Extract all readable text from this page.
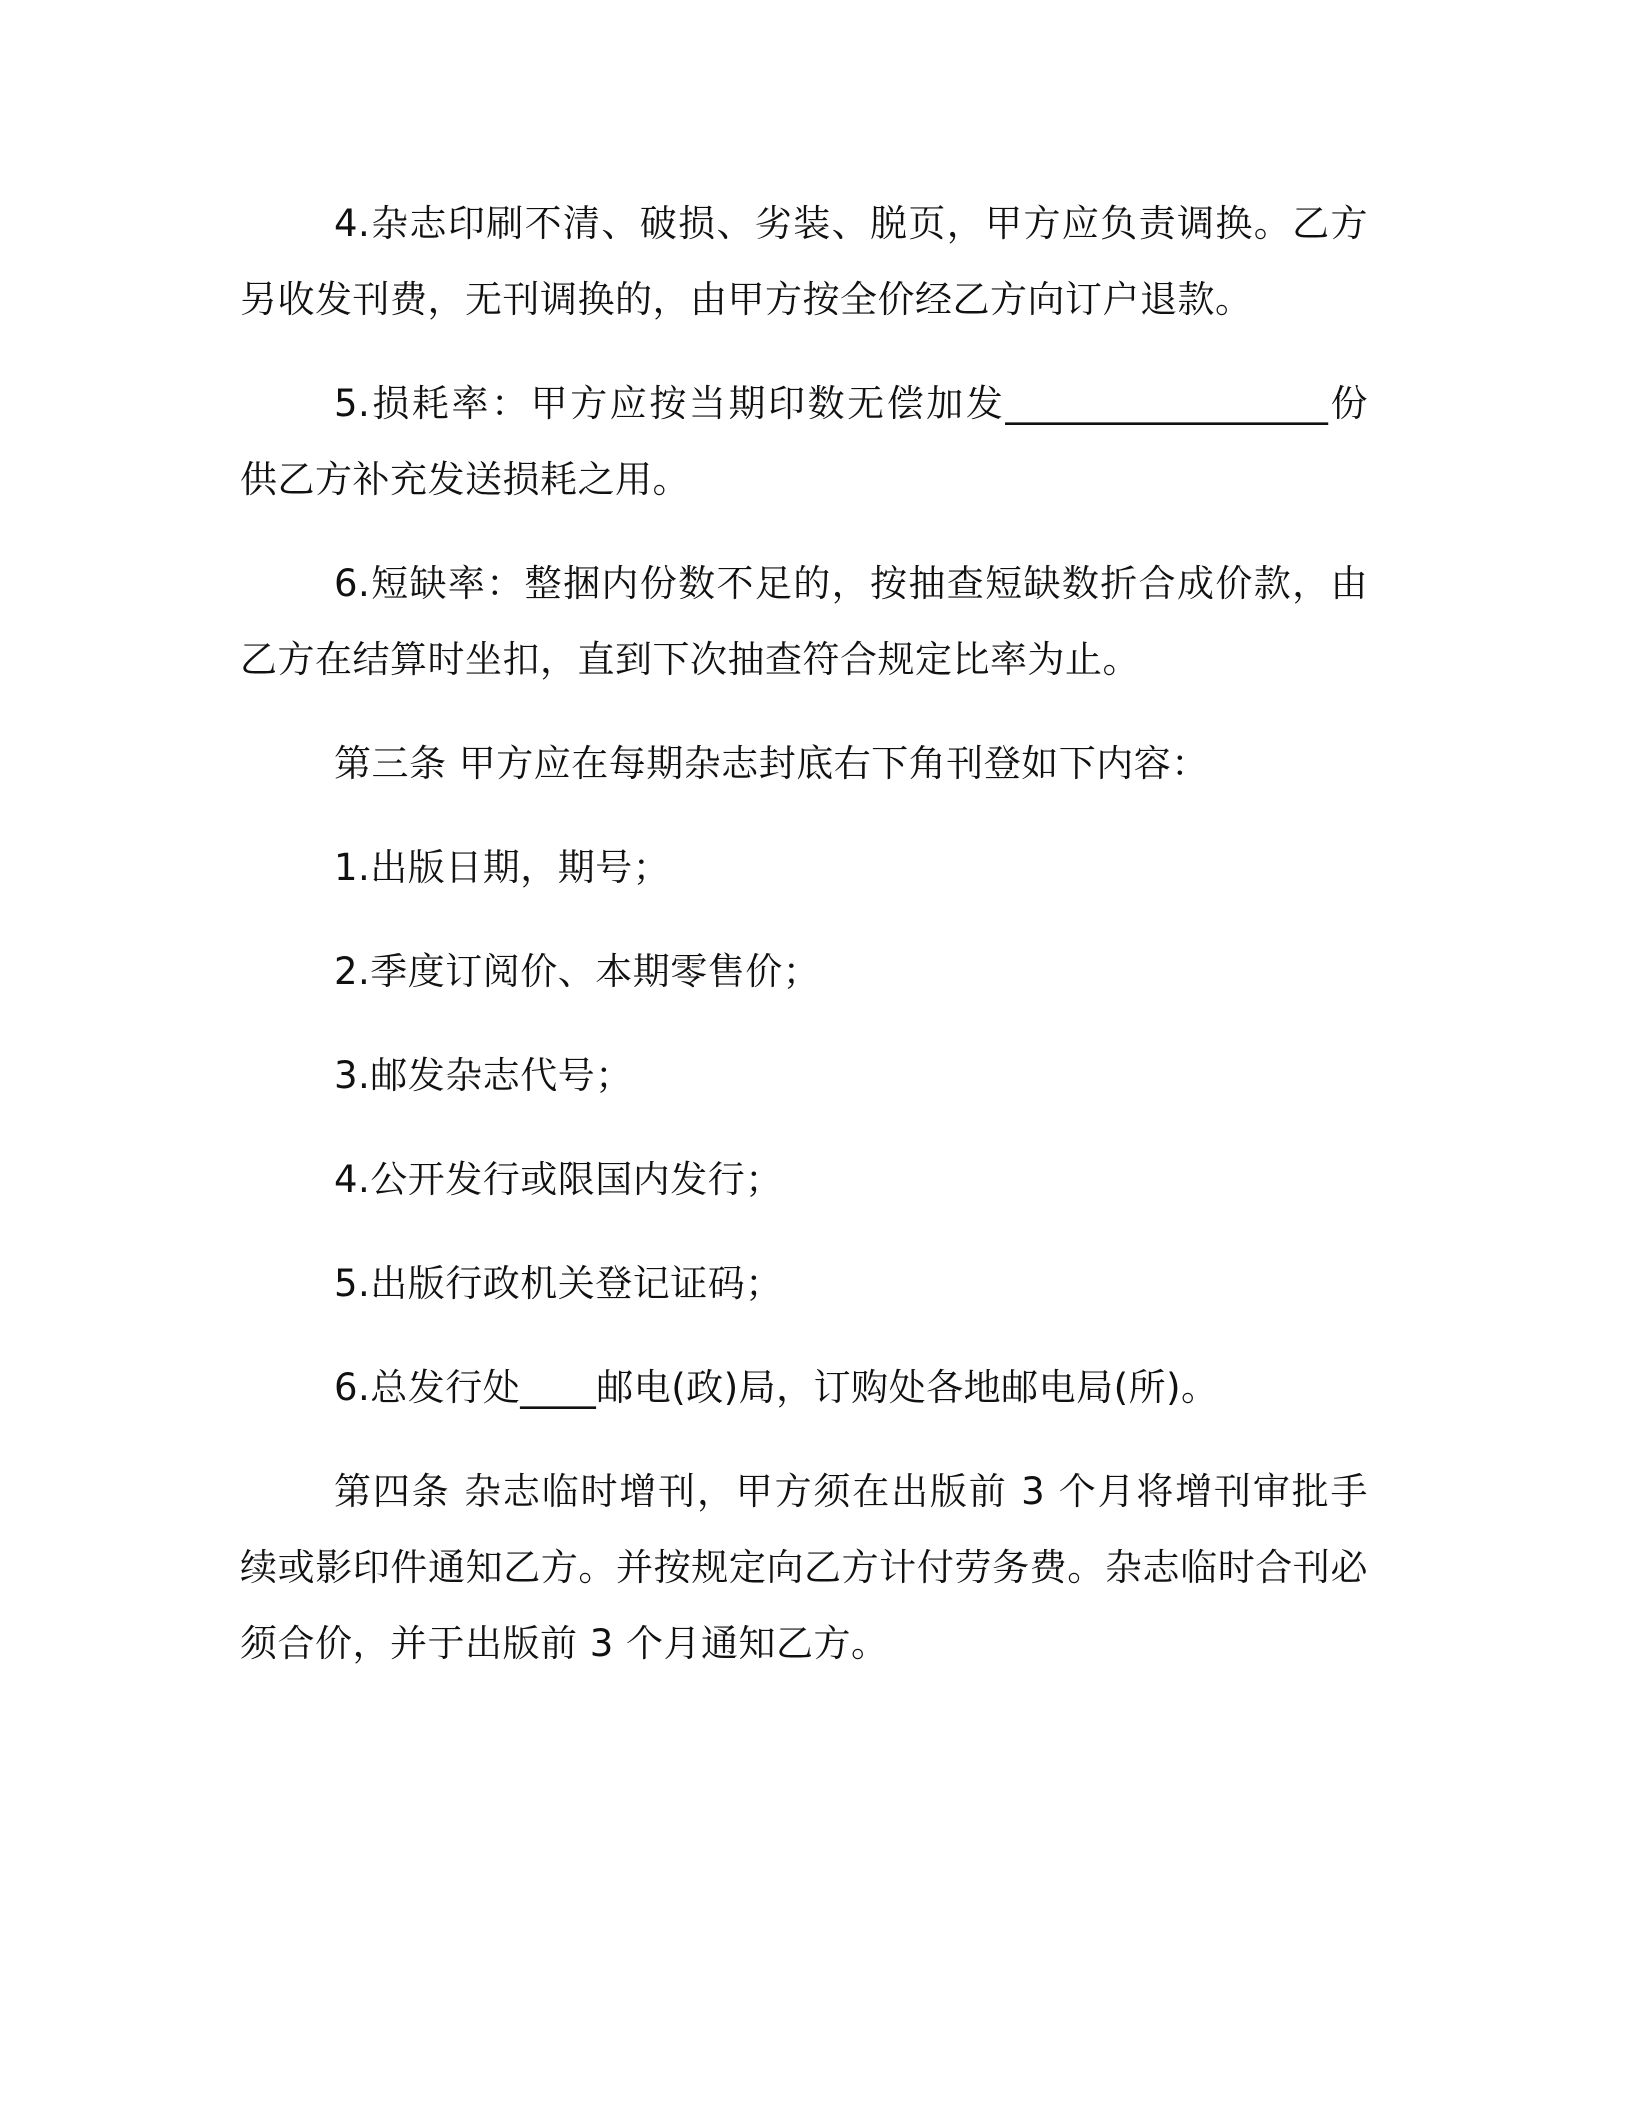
4.杂志印刷不清、破损、劣装、脱页，甲方应负责调换。乙方另收发刊费，无刊调换的，由甲方按全价经乙方向订户退款。

5.损耗率：甲方应按当期印数无偿加发_________________份供乙方补充发送损耗之用。

6.短缺率：整捆内份数不足的，按抽查短缺数折合成价款，由乙方在结算时坐扣，直到下次抽查符合规定比率为止。

第三条 甲方应在每期杂志封底右下角刊登如下内容：

1.出版日期，期号；

2.季度订阅价、本期零售价；

3.邮发杂志代号；

4.公开发行或限国内发行；

5.出版行政机关登记证码；

6.总发行处____邮电(政)局，订购处各地邮电局(所)。

第四条 杂志临时增刊，甲方须在出版前 3 个月将增刊审批手续或影印件通知乙方。并按规定向乙方计付劳务费。杂志临时合刊必须合价，并于出版前 3 个月通知乙方。
